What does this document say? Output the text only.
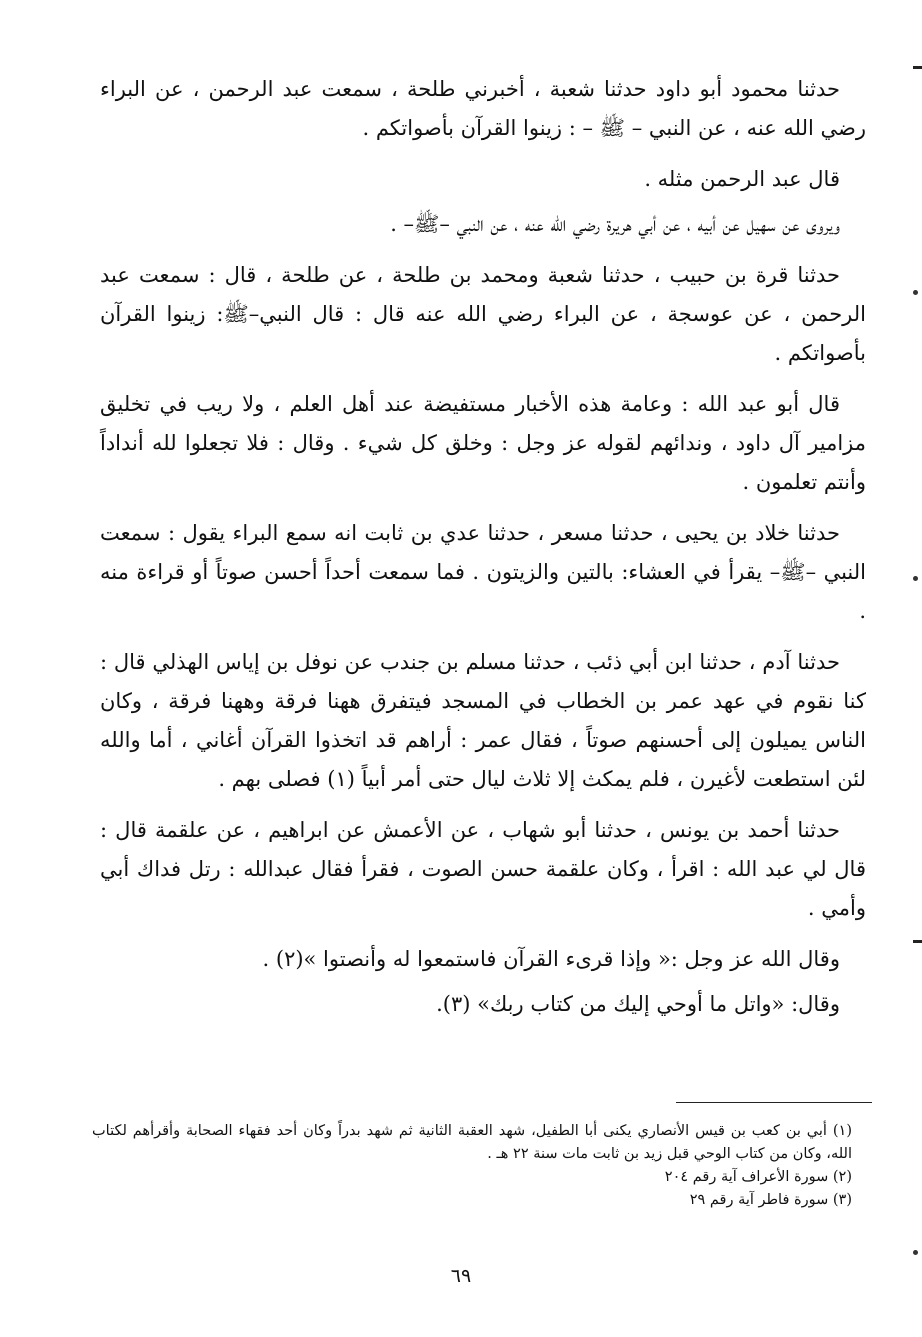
حدثنا محمود أبو داود حدثنا شعبة ، أخبرني طلحة ، سمعت عبد الرحمن ، عن البراء رضي الله عنه ، عن النبي – ﷺ – : زينوا القرآن بأصواتكم .

قال عبد الرحمن مثله .

ويروى عن سهيل عن أبيه ، عن أبي هريرة رضي الله عنه ، عن النبي –ﷺ– .

حدثنا قرة بن حبيب ، حدثنا شعبة ومحمد بن طلحة ، عن طلحة ، قال : سمعت عبد الرحمن ، عن عوسجة ، عن البراء رضي الله عنه قال : قال النبي–ﷺ: زينوا القرآن بأصواتكم .

قال أبو عبد الله : وعامة هذه الأخبار مستفيضة عند أهل العلم ، ولا ريب في تخليق مزامير آل داود ، وندائهم لقوله عز وجل : وخلق كل شيء . وقال : فلا تجعلوا لله أنداداً وأنتم تعلمون .

حدثنا خلاد بن يحيى ، حدثنا مسعر ، حدثنا عدي بن ثابت انه سمع البراء يقول : سمعت النبي –ﷺ– يقرأ في العشاء: بالتين والزيتون . فما سمعت أحداً أحسن صوتاً أو قراءة منه .

حدثنا آدم ، حدثنا ابن أبي ذئب ، حدثنا مسلم بن جندب عن نوفل بن إياس الهذلي قال : كنا نقوم في عهد عمر بن الخطاب في المسجد فيتفرق ههنا فرقة وههنا فرقة ، وكان الناس يميلون إلى أحسنهم صوتاً ، فقال عمر : أراهم قد اتخذوا القرآن أغاني ، أما والله لئن استطعت لأغيرن ، فلم يمكث إلا ثلاث ليال حتى أمر أبياً (١) فصلى بهم .

حدثنا أحمد بن يونس ، حدثنا أبو شهاب ، عن الأعمش عن ابراهيم ، عن علقمة قال : قال لي عبد الله : اقرأ ، وكان علقمة حسن الصوت ، فقرأ فقال عبدالله : رتل فداك أبي وأمي .

وقال الله عز وجل :« وإذا قرىء القرآن فاستمعوا له وأنصتوا »(٢) .

وقال: «واتل ما أوحي إليك من كتاب ربك» (٣).

(١) أبي بن كعب بن قيس الأنصاري يكنى أبا الطفيل، شهد العقبة الثانية ثم شهد بدراً وكان أحد فقهاء الصحابة وأقرأهم لكتاب الله، وكان من كتاب الوحي قبل زيد بن ثابت مات سنة ٢٢ هـ .

(٢) سورة الأعراف آية رقم ٢٠٤

(٣) سورة فاطر آية رقم ٢٩

٦٩
